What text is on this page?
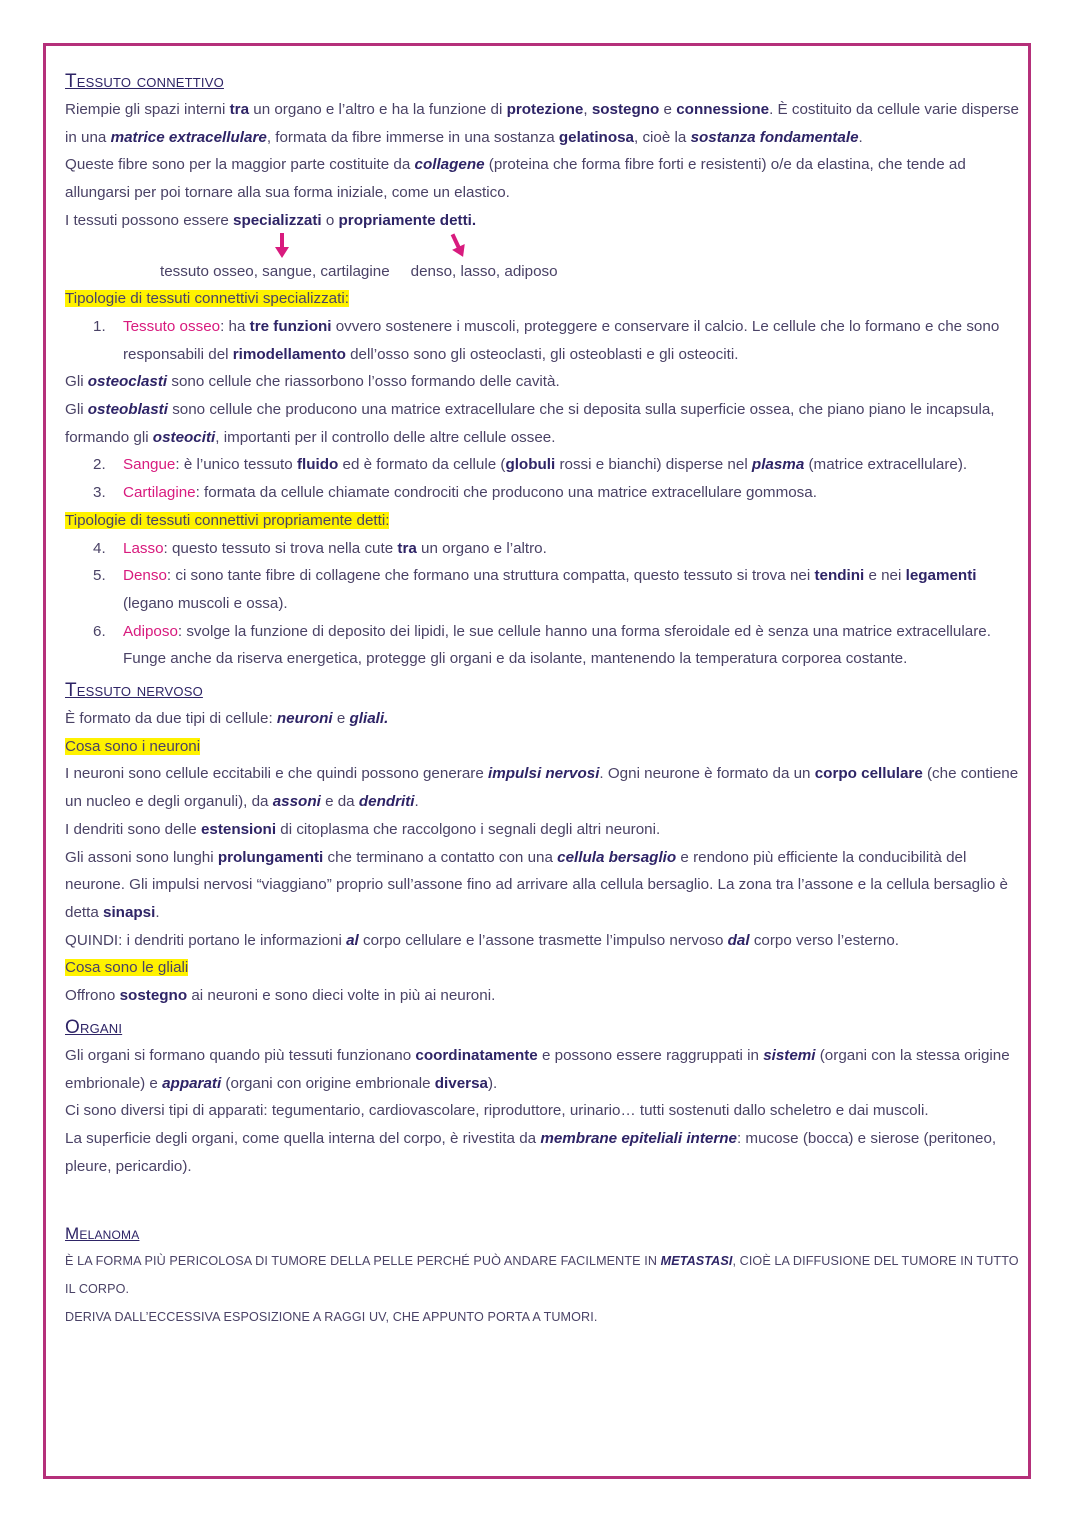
Tessuto connettivo

Riempie gli spazi interni tra un organo e l’altro e ha la funzione di protezione, sostegno e connessione. È costituito da cellule varie disperse in una matrice extracellulare, formata da fibre immerse in una sostanza gelatinosa, cioè la sostanza fondamentale.

Queste fibre sono per la maggior parte costituite da collagene (proteina che forma fibre forti e resistenti) o/e da elastina, che tende ad allungarsi per poi tornare alla sua forma iniziale, come un elastico.

I tessuti possono essere specializzati o propriamente detti.

tessuto osseo, sangue, cartilagine denso, lasso, adiposo

Tipologie di tessuti connettivi specializzati:

1.	Tessuto osseo: ha tre funzioni ovvero sostenere i muscoli, proteggere e conservare il calcio. Le cellule che lo formano e che sono responsabili del rimodellamento dell’osso sono gli osteoclasti, gli osteoblasti e gli osteociti.

Gli osteoclasti sono cellule che riassorbono l’osso formando delle cavità.

Gli osteoblasti sono cellule che producono una matrice extracellulare che si deposita sulla superficie ossea, che piano piano le incapsula, formando gli osteociti, importanti per il controllo delle altre cellule ossee.

2.	Sangue: è l’unico tessuto fluido ed è formato da cellule (globuli rossi e bianchi) disperse nel plasma (matrice extracellulare).
3.	Cartilagine: formata da cellule chiamate condrociti che producono una matrice extracellulare gommosa.

Tipologie di tessuti connettivi propriamente detti:

4.	Lasso: questo tessuto si trova nella cute tra un organo e l’altro.
5.	Denso: ci sono tante fibre di collagene che formano una struttura compatta, questo tessuto si trova nei tendini e nei legamenti (legano muscoli e ossa).
6.	Adiposo: svolge la funzione di deposito dei lipidi, le sue cellule hanno una forma sferoidale ed è senza una matrice extracellulare. Funge anche da riserva energetica, protegge gli organi e da isolante, mantenendo la temperatura corporea costante.

Tessuto nervoso

È formato da due tipi di cellule: neuroni e gliali.

Cosa sono i neuroni

I neuroni sono cellule eccitabili e che quindi possono generare impulsi nervosi. Ogni neurone è formato da un corpo cellulare (che contiene un nucleo e degli organuli), da assoni e da dendriti.

I dendriti sono delle estensioni di citoplasma che raccolgono i segnali degli altri neuroni.

Gli assoni sono lunghi prolungamenti che terminano a contatto con una cellula bersaglio e rendono più efficiente la conducibilità del neurone. Gli impulsi nervosi “viaggiano” proprio sull’assone fino ad arrivare alla cellula bersaglio. La zona tra l’assone e la cellula bersaglio è detta sinapsi.

QUINDI: i dendriti portano le informazioni al corpo cellulare e l’assone trasmette l’impulso nervoso dal corpo verso l’esterno.

Cosa sono le gliali

Offrono sostegno ai neuroni e sono dieci volte in più ai neuroni.

Organi

Gli organi si formano quando più tessuti funzionano coordinatamente e possono essere raggruppati in sistemi (organi con la stessa origine embrionale) e apparati (organi con origine embrionale diversa).

Ci sono diversi tipi di apparati: tegumentario, cardiovascolare, riproduttore, urinario… tutti sostenuti dallo scheletro e dai muscoli.

La superficie degli organi, come quella interna del corpo, è rivestita da membrane epiteliali interne: mucose (bocca) e sierose (peritoneo, pleure, pericardio).

Melanoma

È LA FORMA PIÙ PERICOLOSA DI TUMORE DELLA PELLE PERCHÉ PUÒ ANDARE FACILMENTE IN METASTASI, CIOÈ LA DIFFUSIONE DEL TUMORE IN TUTTO IL CORPO.

DERIVA DALL’ECCESSIVA ESPOSIZIONE A RAGGI UV, CHE APPUNTO PORTA A TUMORI.
